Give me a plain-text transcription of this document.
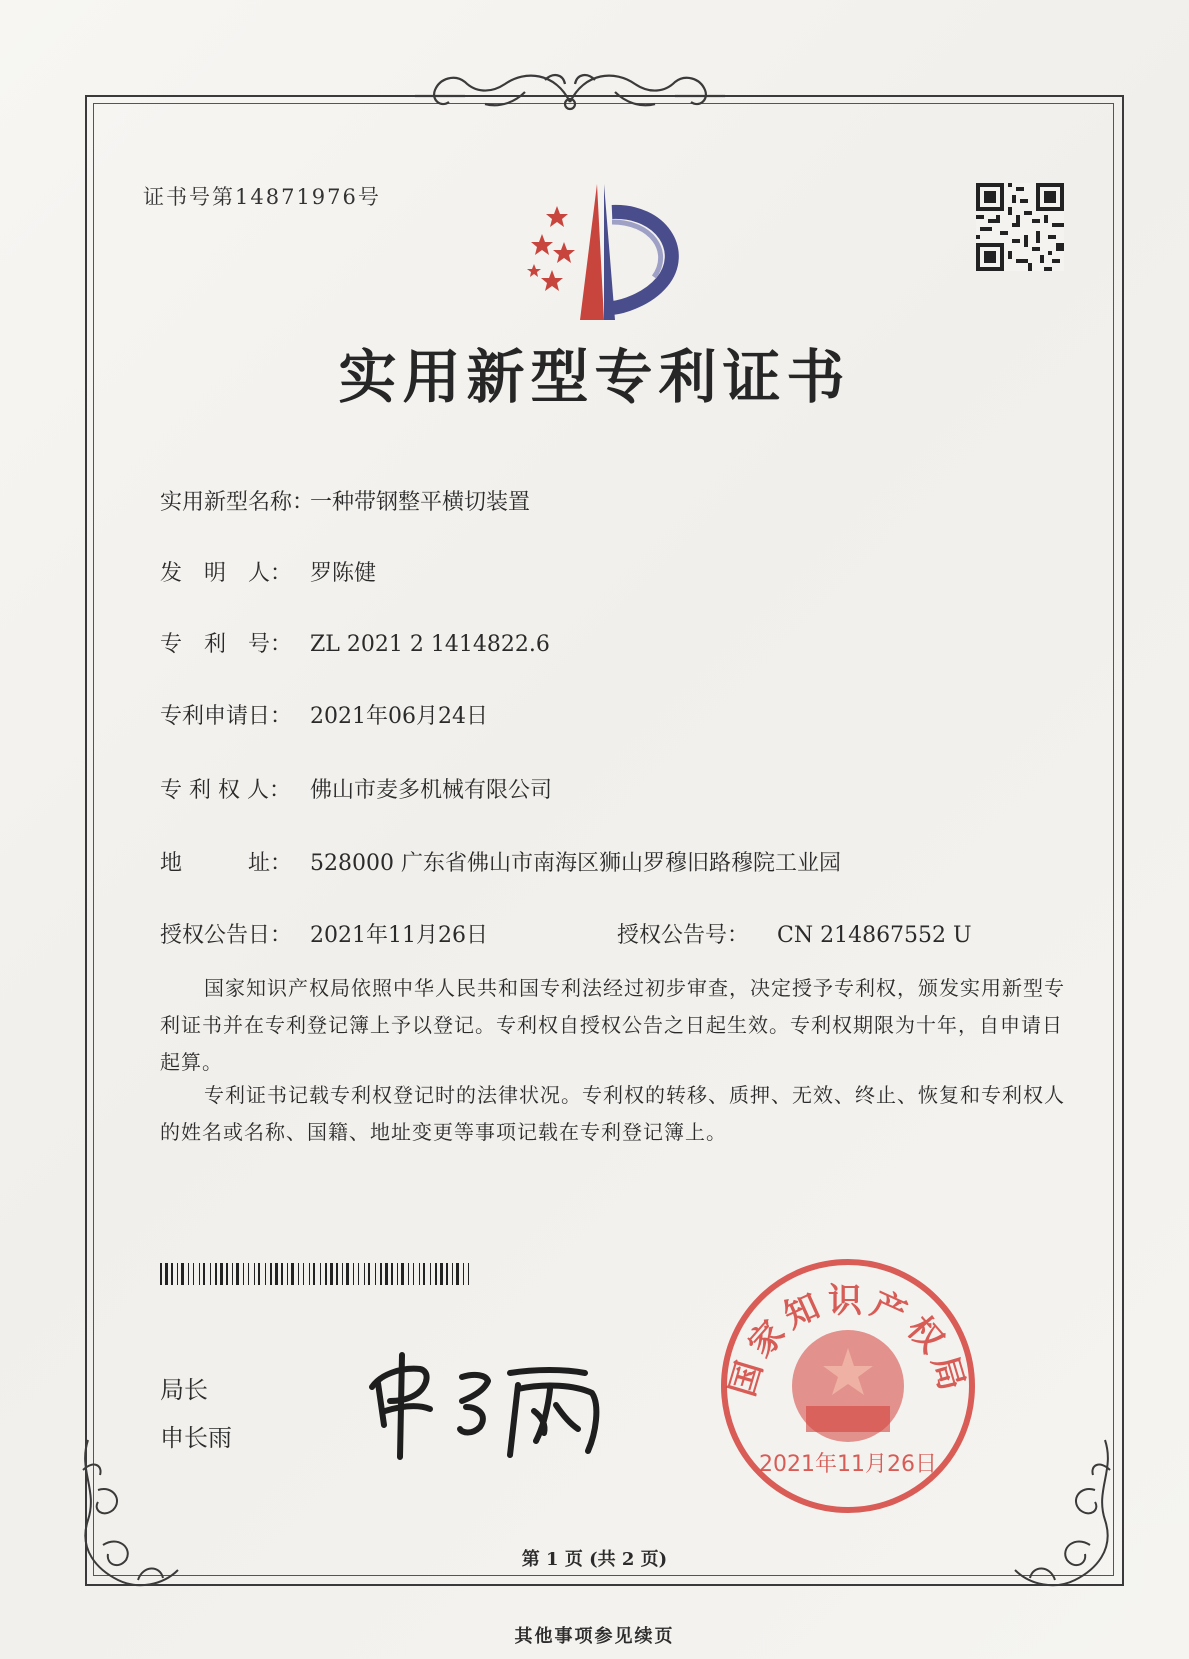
证书号第14871976号
实用新型专利证书
实用新型名称：一种带钢整平横切装置
发　明　人： 罗陈健
专　利　号： ZL 2021 2 1414822.6
专利申请日： 2021年06月24日
专 利 权 人： 佛山市麦多机械有限公司
地　　　址： 528000 广东省佛山市南海区狮山罗穆旧路穆院工业园
授权公告日： 2021年11月26日	授权公告号： CN 214867552 U
国家知识产权局依照中华人民共和国专利法经过初步审查，决定授予专利权，颁发实用新型专利证书并在专利登记簿上予以登记。专利权自授权公告之日起生效。专利权期限为十年，自申请日起算。
专利证书记载专利权登记时的法律状况。专利权的转移、质押、无效、终止、恢复和专利权人的姓名或名称、国籍、地址变更等事项记载在专利登记簿上。
局长
申长雨
国家知识产权局
2021年11月26日
第 1 页 (共 2 页)
其他事项参见续页
